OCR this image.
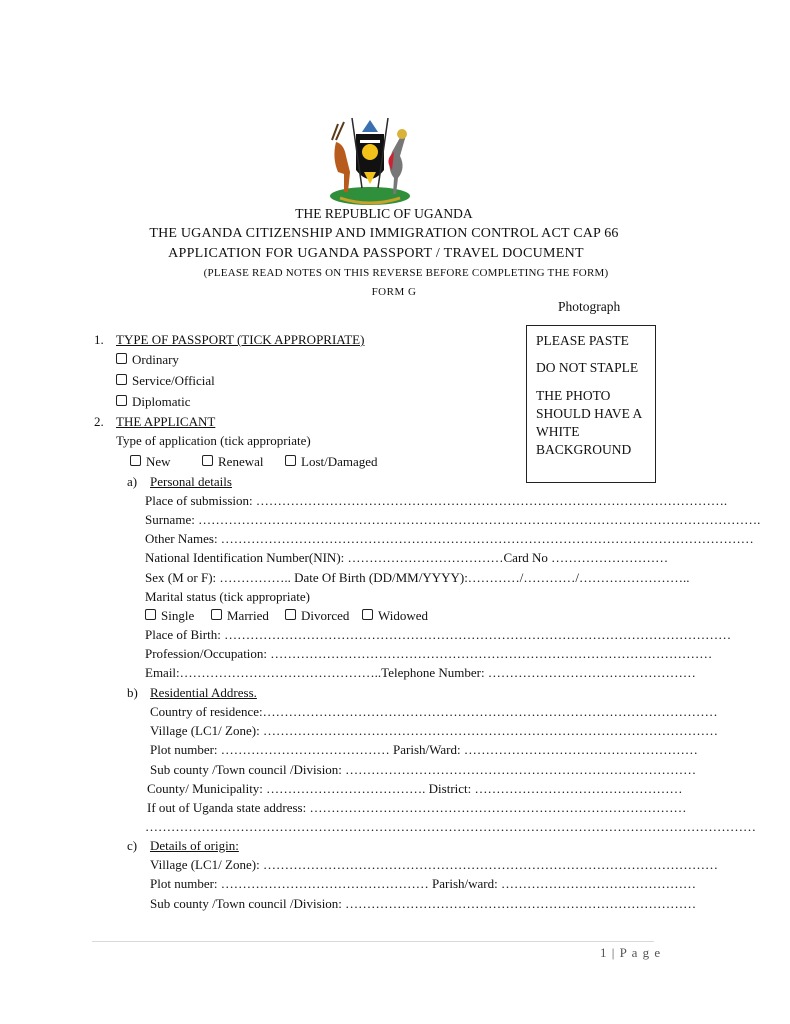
THE REPUBLIC OF UGANDA
THE UGANDA CITIZENSHIP AND IMMIGRATION CONTROL ACT CAP 66
APPLICATION FOR UGANDA PASSPORT / TRAVEL DOCUMENT
(PLEASE READ NOTES ON THIS REVERSE BEFORE COMPLETING THE FORM)
FORM G
Photograph

PLEASE PASTE

DO NOT STAPLE

THE PHOTO SHOULD HAVE A WHITE BACKGROUND

1. TYPE OF PASSPORT (TICK APPROPRIATE)
Ordinary
Service/Official
Diplomatic
2. THE APPLICANT
Type of application (tick appropriate)
New	Renewal	Lost/Damaged
a) Personal details
Place of submission: ……………………………………………………………………………………………….
Surname: ………………………………………………………………………………………………………………….
Other Names: ……………………………………………………………………………………………………………
National Identification Number(NIN): ………………………………Card No ………………………
Sex (M or F): …………….. Date Of Birth (DD/MM/YYYY):…………/…………/……………………..
Marital status (tick appropriate)
Single	Married	Divorced	Widowed
Place of Birth: ………………………………………………………………………………………………………
Profession/Occupation: …………………………………………………………………………………………
Email:………………………………………..Telephone Number: …………………………………………
b) Residential Address.
Country of residence:……………………………………………………………………………………………
Village (LC1/ Zone): ……………………………………………………………………………………………
Plot number: ………………………………… Parish/Ward: ………………………………………………
Sub county /Town council /Division: ………………………………………………………………………
County/ Municipality: ………………………………. District: …………………………………………
If out of Uganda state address: ……………………………………………………………………………
……………………………………………………………………………………………………………………………
c) Details of origin:
Village (LC1/ Zone): ……………………………………………………………………………………………
Plot number: ………………………………………… Parish/ward: ………………………………………
Sub county /Town council /Division: ………………………………………………………………………
1 | P a g e
